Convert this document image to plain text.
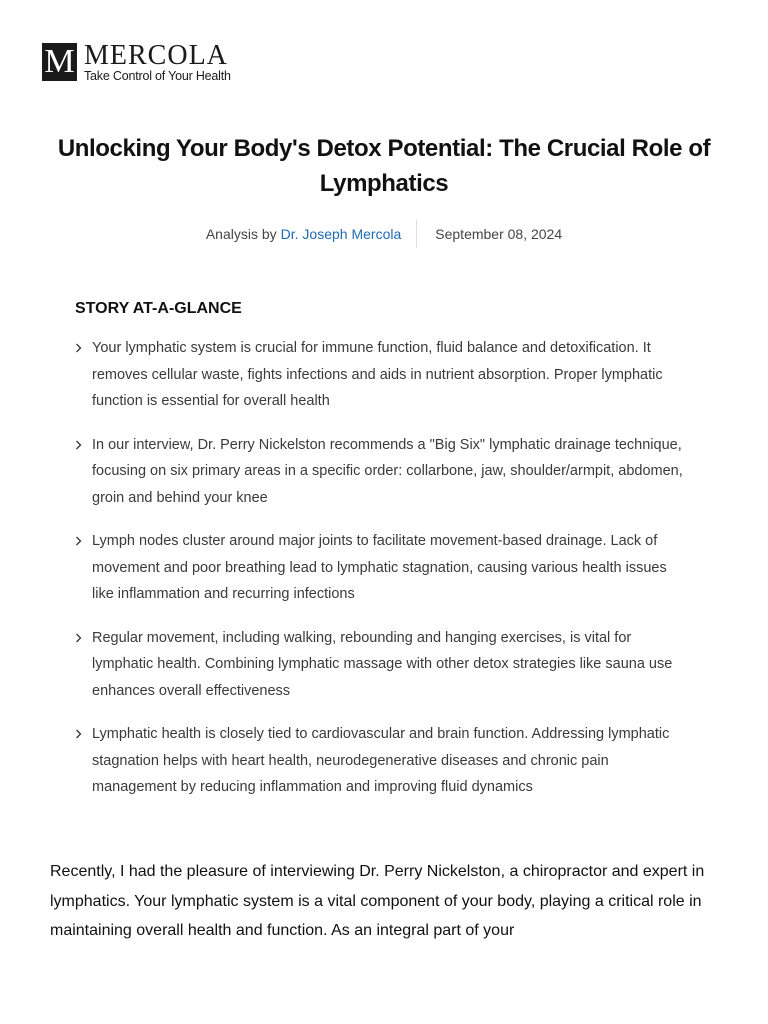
M MERCOLA
Take Control of Your Health
Unlocking Your Body's Detox Potential: The Crucial Role of Lymphatics
Analysis by Dr. Joseph Mercola	September 08, 2024
STORY AT-A-GLANCE
Your lymphatic system is crucial for immune function, fluid balance and detoxification. It removes cellular waste, fights infections and aids in nutrient absorption. Proper lymphatic function is essential for overall health
In our interview, Dr. Perry Nickelston recommends a "Big Six" lymphatic drainage technique, focusing on six primary areas in a specific order: collarbone, jaw, shoulder/armpit, abdomen, groin and behind your knee
Lymph nodes cluster around major joints to facilitate movement-based drainage. Lack of movement and poor breathing lead to lymphatic stagnation, causing various health issues like inflammation and recurring infections
Regular movement, including walking, rebounding and hanging exercises, is vital for lymphatic health. Combining lymphatic massage with other detox strategies like sauna use enhances overall effectiveness
Lymphatic health is closely tied to cardiovascular and brain function. Addressing lymphatic stagnation helps with heart health, neurodegenerative diseases and chronic pain management by reducing inflammation and improving fluid dynamics

Recently, I had the pleasure of interviewing Dr. Perry Nickelston, a chiropractor and expert in lymphatics. Your lymphatic system is a vital component of your body, playing a critical role in maintaining overall health and function. As an integral part of your
